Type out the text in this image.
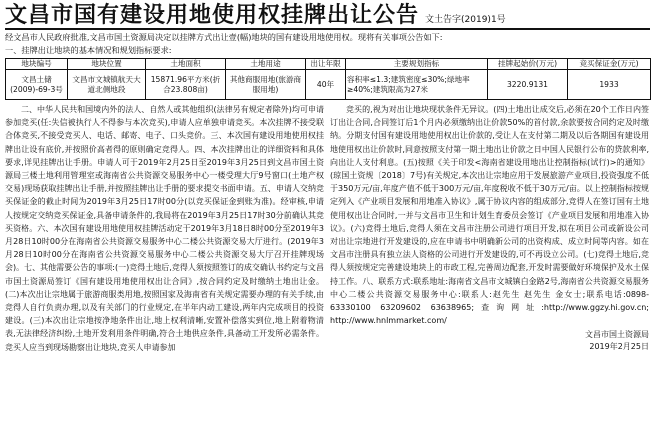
文昌市国有建设用地使用权挂牌出让公告 文土告字(2019)1号
经文昌市人民政府批准,文昌市国土资源局决定以挂牌方式出让壹(幅)地块的国有建设用地使用权。现将有关事项公告如下:
一、挂牌出让地块的基本情况和规划指标要求:
地块编号	地块位置	土地面积	土地用途	出让年限	主要规划指标	挂牌起始价(万元)	竞买保证金(万元)
文昌土储(2009)-69-3号	文昌市文城镇航天大道北侧地段	15871.96平方米(折合23.808亩)	其他商服用地(旅游商服用地)	40年	容积率≤1.3;建筑密度≤30%;绿地率≥40%;建筑限高为27米	3220.9131	1933

二、中华人民共和国境内外的法人、自然人或其他组织(法律另有规定者除外)均可申请参加竞买(任:失信被执行人不得参与本次竞买),申请人应单独申请竞买。本次挂牌不接受联合体竞买,不接受竞买人、电话、邮寄、电子、口头竞价。三、本次国有建设用地使用权挂牌出让设有底价,并按照价高者得的原则确定竞得人。四、本次挂牌出让的详细资料和具体要求,详见挂牌出让手册。申请人可于2019年2月25日至2019年3月25日到文昌市国土资源局三楼土地利用管理室或海南省公共资源交易服务中心一楼受理大厅9号窗口(土地产权交易)现场获取挂牌出让手册,并按照挂牌出让手册的要求提交书面申请。五、申请人交纳竞买保证金的截止时间为2019年3月25日17时00分(以竞买保证金到账为准)。经审核,申请人按规定交纳竞买保证金,具备申请条件的,我局将在2019年3月25日17时30分前确认其竞买资格。六、本次国有建设用地使用权挂牌活动定于2019年3月18日8时00分至2019年3月28日10时00分在海南省公共资源交易服务中心二楼公共资源交易大厅进行。(2019年3月28日10时00分在海南省公共资源交易服务中心二楼公共资源交易大厅召开挂牌现场会)。七、其他需要公告的事项:(一)竞得土地后,竞得人须按照签订的成交确认书约定与文昌市国土资源局签订《国有建设用地使用权出让合同》,按合同约定及时缴纳土地出让金。(二)本次出让宗地属于旅游商服类用地,按照国家及海南省有关规定需要办理的有关手续,由竞得人自行负责办理,以及有关部门的行业规定,在半年内动工建设,两年内完成项目的投资建设。(三)本次出让宗地按净地条件出让,地上权利清晰,安置补偿落实到位,地上附着物清表,无法律经济纠纷,土地开发利用条件明确,符合土地供应条件,具备动工开发所必需条件。竞买人应当到现场勘察出让地块,竞买人申请参加

竞买的,视为对出让地块现状条件无异议。(四)土地出让成交后,必须在20个工作日内签订出让合同,合同签订后1个月内必须缴纳出让价款50%的首付款,余款要按合同约定及时缴纳。分期支付国有建设用地使用权出让价款的,受让人在支付第二期及以后各期国有建设用地使用权出让价款时,同意按照支付第一期土地出让价款之日中国人民银行公布的贷款利率,向出让人支付利息。(五)按照《关于印发<海南省建设用地出让控制指标(试行)>的通知》(琼国土资规〔2018〕7号)有关规定,本次出让宗地应用于发展旅游产业项目,投资强度不低于350万元/亩,年度产值不低于300万元/亩,年度税收不低于30万元/亩。以上控制指标按规定列入《产业项目发展和用地准入协议》,属于协议内容的组成部分,竞得人在签订国有土地使用权出让合同时,一并与文昌市卫生和计划生育委员会签订《产业项目发展和用地准入协议》。(六)竞得土地后,竞得人须在文昌市注册公司进行项目开发,拟在项目公司或新设公司对出让宗地进行开发建设的,应在申请书中明确新公司的出资构成、成立时间等内容。如在文昌市注册具有独立法人资格的公司进行开发建设的,可不再设立公司。(七)竞得土地后,竞得人须按规定完善建设地块上的市政工程,完善周边配套,开发时需要做好环境保护及水土保持工作。八、联系方式:联系地址:海南省文昌市文城镇白金路2号,海南省公共资源交易服务中心二楼公共资源交易服务中心:联系人:赵先生 赵先生 金女士;联系电话:0898-63330100 63209602 63638965;查询网址:http://www.ggzy.hi.gov.cn; http://www.hnlmmarket.com/

文昌市国土资源局
2019年2月25日
